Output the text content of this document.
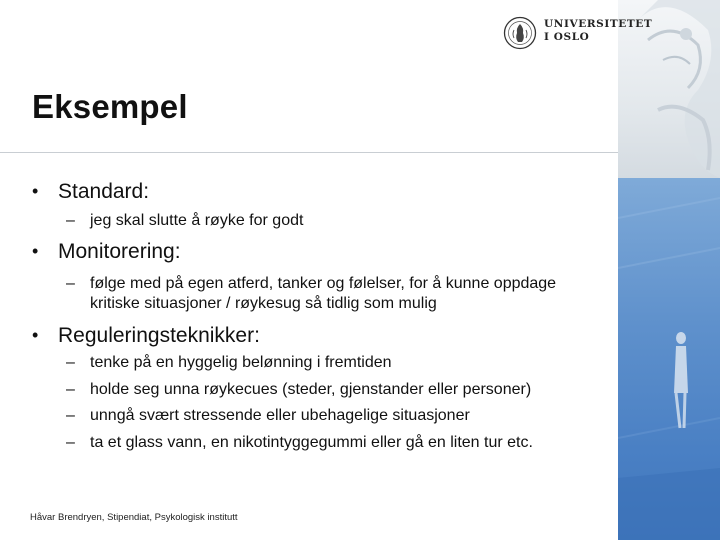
UNIVERSITETET
I OSLO
Eksempel
• Standard:
– jeg skal slutte å røyke for godt
• Monitorering:
– følge med på egen atferd, tanker og følelser, for å kunne oppdage
kritiske situasjoner / røykesug så tidlig som mulig
• Reguleringsteknikker:
– tenke på en hyggelig belønning i fremtiden
– holde seg unna røykecues (steder, gjenstander eller personer)
– unngå svært stressende eller ubehagelige situasjoner
– ta et glass vann, en nikotintyggegummi eller gå en liten tur etc.
Håvar Brendryen, Stipendiat, Psykologisk institutt
